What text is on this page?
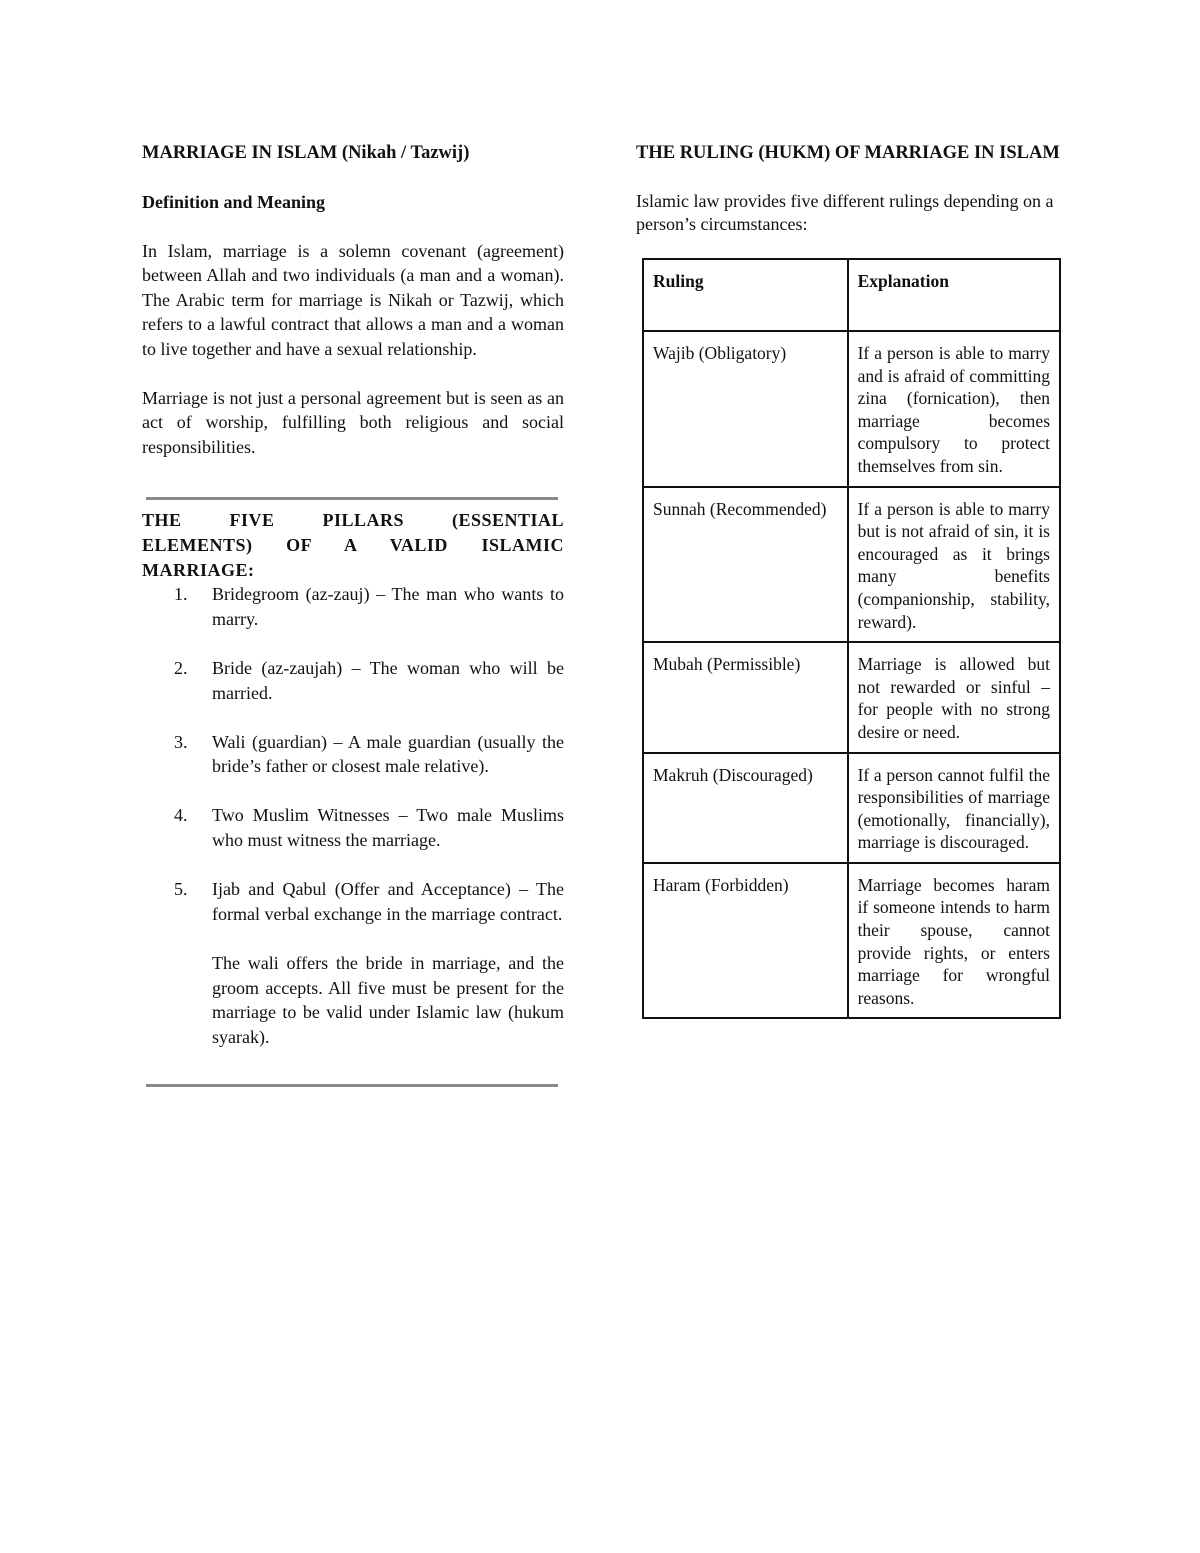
MARRIAGE IN ISLAM (Nikah / Tazwij)
Definition and Meaning

In Islam, marriage is a solemn covenant (agreement) between Allah and two individuals (a man and a woman). The Arabic term for marriage is Nikah or Tazwij, which refers to a lawful contract that allows a man and a woman to live together and have a sexual relationship.

Marriage is not just a personal agreement but is seen as an act of worship, fulfilling both religious and social responsibilities.

THE FIVE PILLARS (ESSENTIAL
ELEMENTS) OF A VALID ISLAMIC
MARRIAGE:
1. Bridegroom (az-zauj) – The man who wants to marry.
2. Bride (az-zaujah) – The woman who will be married.
3. Wali (guardian) – A male guardian (usually the bride’s father or closest male relative).
4. Two Muslim Witnesses – Two male Muslims who must witness the marriage.
5. Ijab and Qabul (Offer and Acceptance) – The formal verbal exchange in the marriage contract.

The wali offers the bride in marriage, and the groom accepts. All five must be present for the marriage to be valid under Islamic law (hukum syarak).

THE RULING (HUKM) OF MARRIAGE IN ISLAM

Islamic law provides five different rulings depending on a person’s circumstances:

Ruling	Explanation
Wajib (Obligatory)	If a person is able to marry and is afraid of committing zina (fornication), then marriage becomes compulsory to protect themselves from sin.
Sunnah (Recommended)	If a person is able to marry but is not afraid of sin, it is encouraged as it brings many benefits (companionship, stability, reward).
Mubah (Permissible)	Marriage is allowed but not rewarded or sinful – for people with no strong desire or need.
Makruh (Discouraged)	If a person cannot fulfil the responsibilities of marriage (emotionally, financially), marriage is discouraged.
Haram (Forbidden)	Marriage becomes haram if someone intends to harm their spouse, cannot provide rights, or enters marriage for wrongful reasons.
